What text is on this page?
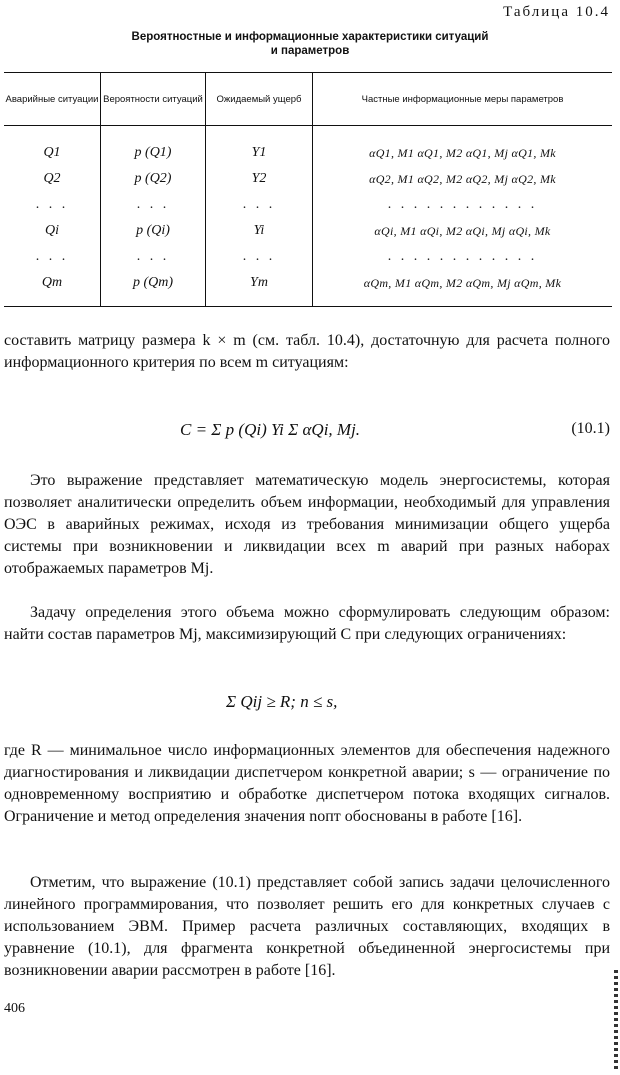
Таблица 10.4
Вероятностные и информационные характеристики ситуаций
и параметров
Аварийные ситуации	Вероятности ситуаций	Ожидаемый ущерб	Частные информационные меры параметров
Q1	p (Q1)	Y1	αQ1, M1 αQ1, M2 αQ1, Mj αQ1, Mk
Q2	p (Q2)	Y2	αQ2, M1 αQ2, M2 αQ2, Mj αQ2, Mk
. . .	. . .	. . .	. . . . . . . . . . . .
Qi	p (Qi)	Yi	αQi, M1 αQi, M2 αQi, Mj αQi, Mk
. . .	. . .	. . .	. . . . . . . . . . . .
Qm	p (Qm)	Ym	αQm, M1 αQm, M2 αQm, Mj αQm, Mk

составить матрицу размера k × m (см. табл. 10.4), достаточную для расчета полного информационного критерия по всем m ситуациям:

C = Σ p (Qi) Yi Σ αQi, Mj.	(10.1)

Это выражение представляет математическую модель энергосистемы, которая позволяет аналитически определить объем информации, необходимый для управления ОЭС в аварийных режимах, исходя из требования минимизации общего ущерба системы при возникновении и ликвидации всех m аварий при разных наборах отображаемых параметров Mj.

Задачу определения этого объема можно сформулировать следующим образом: найти состав параметров Mj, максимизирующий C при следующих ограничениях:

Σ Qij ≥ R; n ≤ s,

где R — минимальное число информационных элементов для обеспечения надежного диагностирования и ликвидации диспетчером конкретной аварии; s — ограничение по одновременному восприятию и обработке диспетчером потока входящих сигналов. Ограничение и метод определения значения nопт обоснованы в работе [16].

Отметим, что выражение (10.1) представляет собой запись задачи целочисленного линейного программирования, что позволяет решить его для конкретных случаев с использованием ЭВМ. Пример расчета различных составляющих, входящих в уравнение (10.1), для фрагмента конкретной объединенной энергосистемы при возникновении аварии рассмотрен в работе [16].

406
